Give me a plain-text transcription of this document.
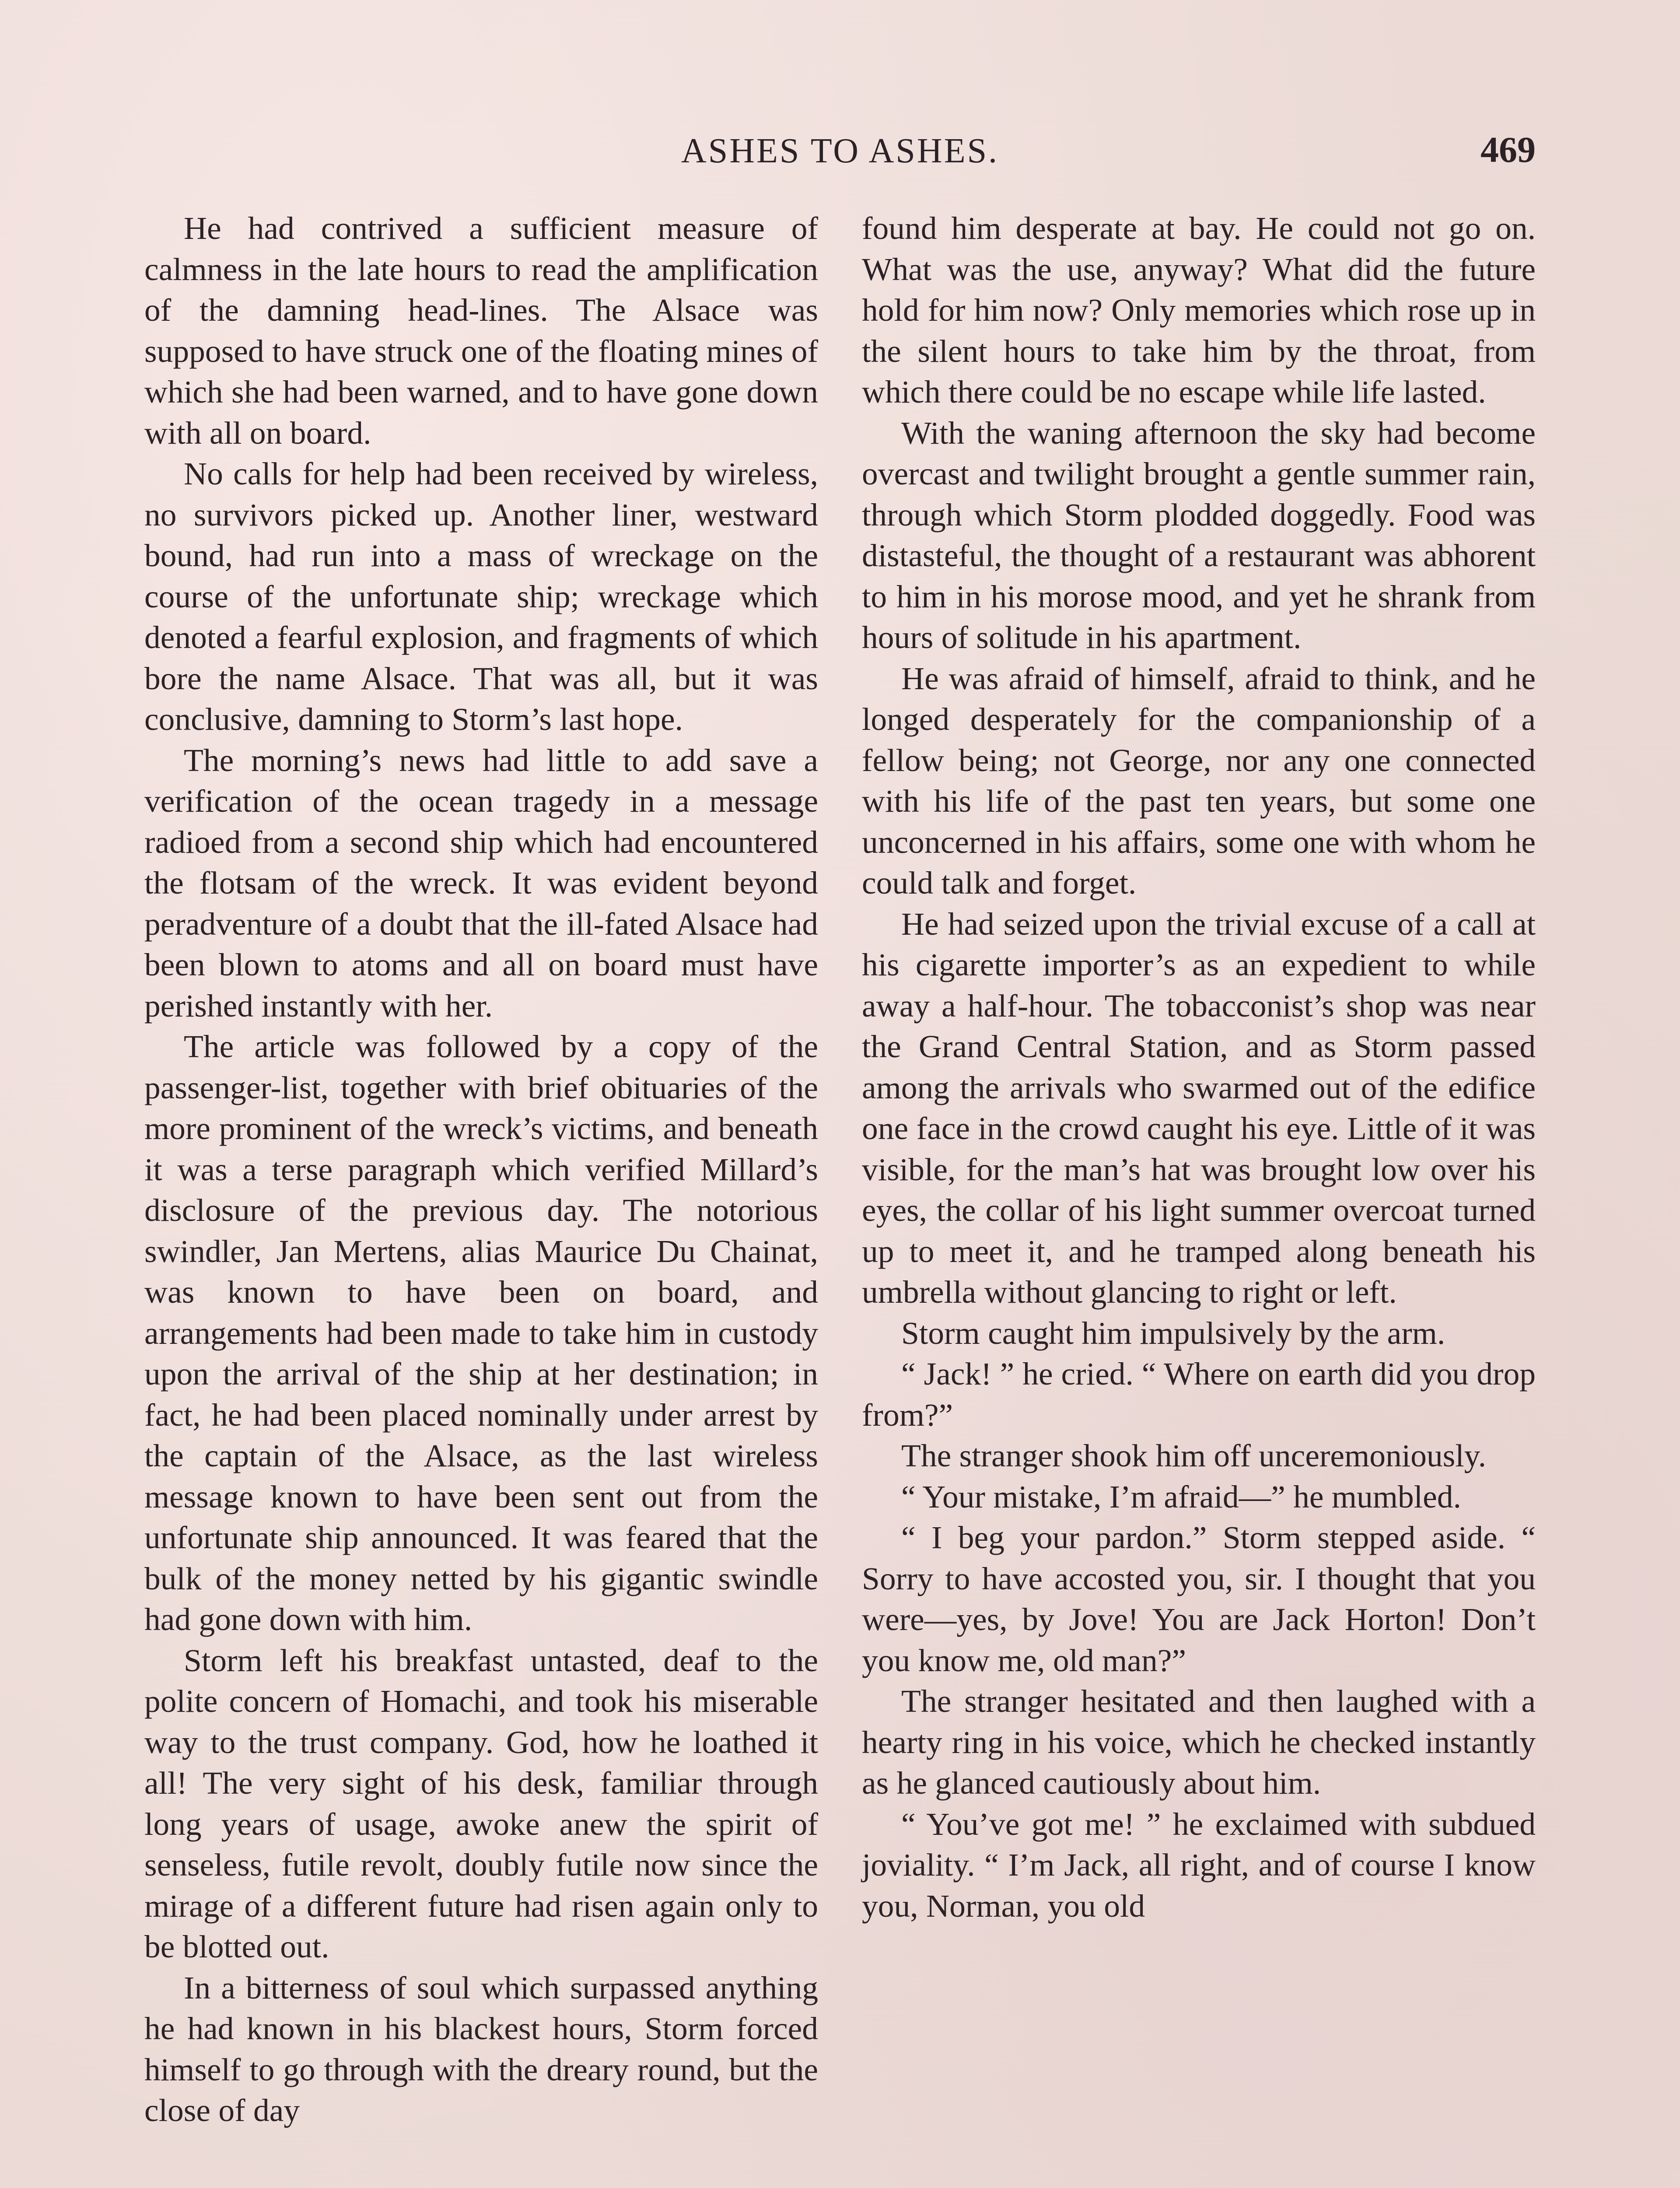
ASHES TO ASHES.	469

He had contrived a sufficient measure of calmness in the late hours to read the amplification of the damning head-lines. The Alsace was supposed to have struck one of the floating mines of which she had been warned, and to have gone down with all on board.

No calls for help had been received by wireless, no survivors picked up. Another liner, westward bound, had run into a mass of wreckage on the course of the unfortunate ship; wreckage which denoted a fearful explosion, and fragments of which bore the name Alsace. That was all, but it was conclusive, damning to Storm’s last hope.

The morning’s news had little to add save a verification of the ocean tragedy in a message radioed from a second ship which had encountered the flotsam of the wreck. It was evident beyond peradventure of a doubt that the ill-fated Alsace had been blown to atoms and all on board must have perished instantly with her.

The article was followed by a copy of the passenger-list, together with brief obituaries of the more prominent of the wreck’s victims, and beneath it was a terse paragraph which verified Millard’s disclosure of the previous day. The notorious swindler, Jan Mertens, alias Maurice Du Chainat, was known to have been on board, and arrangements had been made to take him in custody upon the arrival of the ship at her destination; in fact, he had been placed nominally under arrest by the captain of the Alsace, as the last wireless message known to have been sent out from the unfortunate ship announced. It was feared that the bulk of the money netted by his gigantic swindle had gone down with him.

Storm left his breakfast untasted, deaf to the polite concern of Homachi, and took his miserable way to the trust company. God, how he loathed it all! The very sight of his desk, familiar through long years of usage, awoke anew the spirit of senseless, futile revolt, doubly futile now since the mirage of a different future had risen again only to be blotted out.

In a bitterness of soul which surpassed anything he had known in his blackest hours, Storm forced himself to go through with the dreary round, but the close of day

found him desperate at bay. He could not go on. What was the use, anyway? What did the future hold for him now? Only memories which rose up in the silent hours to take him by the throat, from which there could be no escape while life lasted.

With the waning afternoon the sky had become overcast and twilight brought a gentle summer rain, through which Storm plodded doggedly. Food was distasteful, the thought of a restaurant was abhorent to him in his morose mood, and yet he shrank from hours of solitude in his apartment.

He was afraid of himself, afraid to think, and he longed desperately for the companionship of a fellow being; not George, nor any one connected with his life of the past ten years, but some one unconcerned in his affairs, some one with whom he could talk and forget.

He had seized upon the trivial excuse of a call at his cigarette importer’s as an expedient to while away a half-hour. The tobacconist’s shop was near the Grand Central Station, and as Storm passed among the arrivals who swarmed out of the edifice one face in the crowd caught his eye. Little of it was visible, for the man’s hat was brought low over his eyes, the collar of his light summer overcoat turned up to meet it, and he tramped along beneath his umbrella without glancing to right or left.

Storm caught him impulsively by the arm.

“ Jack! ” he cried. “ Where on earth did you drop from?”

The stranger shook him off unceremoniously.

“ Your mistake, I’m afraid—” he mumbled.

“ I beg your pardon.” Storm stepped aside. “ Sorry to have accosted you, sir. I thought that you were—yes, by Jove! You are Jack Horton! Don’t you know me, old man?”

The stranger hesitated and then laughed with a hearty ring in his voice, which he checked instantly as he glanced cautiously about him.

“ You’ve got me! ” he exclaimed with subdued joviality. “ I’m Jack, all right, and of course I know you, Norman, you old
